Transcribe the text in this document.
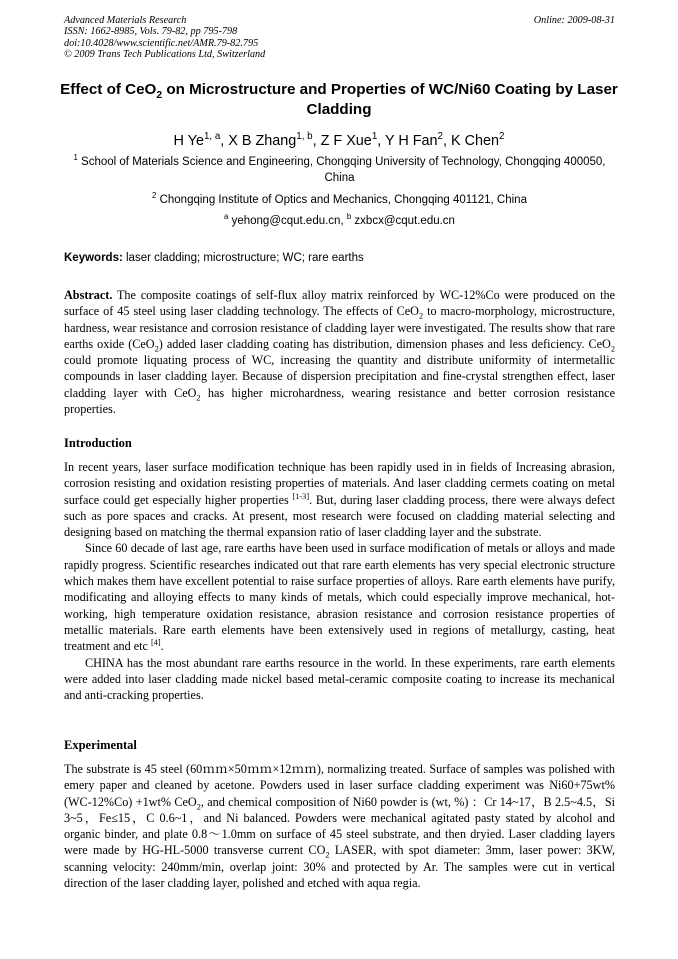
Advanced Materials Research
ISSN: 1662-8985, Vols. 79-82, pp 795-798
doi:10.4028/www.scientific.net/AMR.79-82.795
© 2009 Trans Tech Publications Ltd, Switzerland
Online: 2009-08-31
Effect of CeO$_2$ on Microstructure and Properties of WC/Ni60 Coating by Laser Cladding
H Ye$^{1, a}$, X B Zhang$^{1, b}$, Z F Xue$^1$, Y H Fan$^2$, K Chen$^2$
$^1$ School of Materials Science and Engineering, Chongqing University of Technology, Chongqing 400050, China
$^2$ Chongqing Institute of Optics and Mechanics, Chongqing 401121, China
$^a$ yehong@cqut.edu.cn, $^b$ zxbcx@cqut.edu.cn
Keywords: laser cladding; microstructure; WC; rare earths

Abstract. The composite coatings of self-flux alloy matrix reinforced by WC-12%Co were produced on the surface of 45 steel using laser cladding technology. The effects of CeO$_2$ to macro-morphology, microstructure, hardness, wear resistance and corrosion resistance of cladding layer were investigated. The results show that rare earths oxide (CeO$_2$) added laser cladding coating has distribution, dimension phases and less deficiency. CeO$_2$ could promote liquating process of WC, increasing the quantity and distribute uniformity of intermetallic compounds in laser cladding layer. Because of dispersion precipitation and fine-crystal strengthen effect, laser cladding layer with CeO$_2$ has higher microhardness, wearing resistance and better corrosion resistance properties.

Introduction

In recent years, laser surface modification technique has been rapidly used in in fields of Increasing abrasion, corrosion resisting and oxidation resisting properties of materials. And laser cladding cermets coating on metal surface could get especially higher properties [1-3]. But, during laser cladding process, there were always defect such as pore spaces and cracks. At present, most research were focused on cladding material selecting and designing based on matching the thermal expansion ratio of laser cladding layer and the substrate.

Since 60 decade of last age, rare earths have been used in surface modification of metals or alloys and made rapidly progress. Scientific researches indicated out that rare earth elements has very special electronic structure which makes them have excellent potential to raise surface properties of alloys. Rare earth elements have purify, modificating and alloying effects to many kinds of metals, which could especially improve mechanical, hot-working, high temperature oxidation resistance, abrasion resistance and corrosion resistance properties of metallic materials. Rare earth elements have been extensively used in regions of metallurgy, casting, heat treatment and etc [4].

CHINA has the most abundant rare earths resource in the world. In these experiments, rare earth elements were added into laser cladding made nickel based metal-ceramic composite coating to increase its mechanical and anti-cracking properties.

Experimental

The substrate is 45 steel (60ｍｍ×50ｍｍ×12ｍｍ), normalizing treated. Surface of samples was polished with emery paper and cleaned by acetone. Powders used in laser surface cladding experiment was Ni60+75wt% (WC-12%Co) +1wt% CeO$_2$, and chemical composition of Ni60 powder is (wt, %) ：Cr 14~17，B 2.5~4.5，Si 3~5，Fe≤15，C 0.6~1，and Ni balanced. Powders were mechanical agitated pasty stated by alcohol and organic binder, and plate 0.8～1.0mm on surface of 45 steel substrate, and then dryied. Laser cladding layers were made by HG-HL-5000 transverse current $CO_2$ LASER, with spot diameter: 3mm, laser power: 3KW, scanning velocity: 240mm/min, overlap joint: 30% and protected by Ar. The samples were cut in vertical direction of the laser cladding layer, polished and etched with aqua regia.
